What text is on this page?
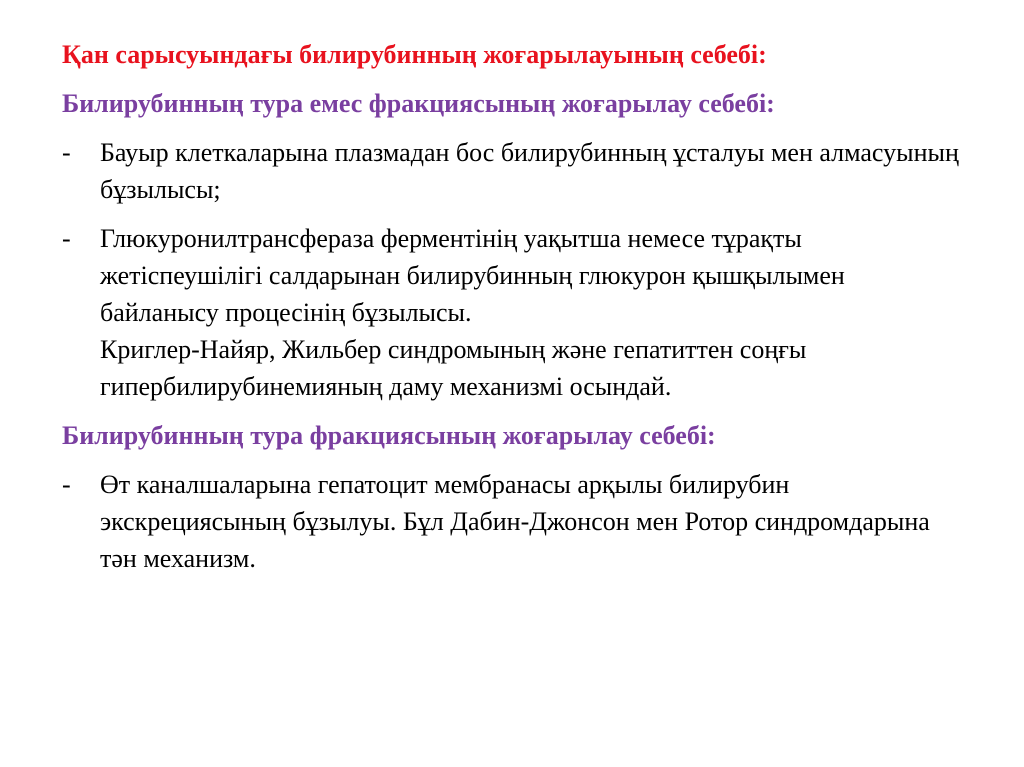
Қан сарысуындағы билирубинның жоғарылауының себебі:

Билирубинның тура емес фракциясының жоғарылау себебі:

- Бауыр клеткаларына плазмадан бос билирубинның ұсталуы мен алмасуының бұзылысы;
- Глюкуронилтрансфераза ферментінің уақытша немесе тұрақты жетіспеушілігі салдарынан билирубинның глюкурон қышқылымен байланысу процесінің бұзылысы.
Криглер-Найяр, Жильбер синдромының және гепатиттен соңғы гипербилирубинемияның даму механизмі осындай.

Билирубинның тура фракциясының жоғарылау себебі:

- Өт каналшаларына гепатоцит мембранасы арқылы билирубин экскрециясының бұзылуы. Бұл Дабин-Джонсон мен Ротор синдромдарына тән механизм.
